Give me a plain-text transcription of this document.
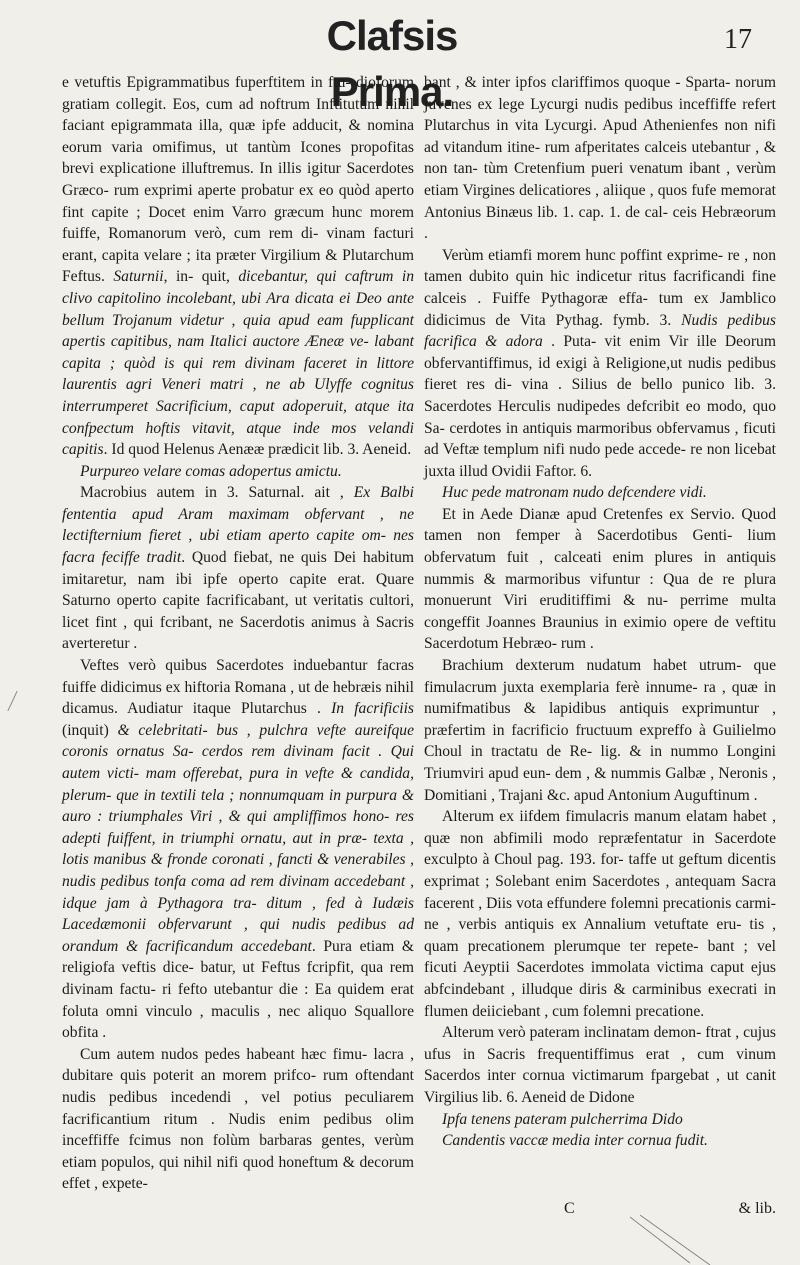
Clafsis Prima.
17

e vetuftis Epigrammatibus fuperftitem in ftu- dioforum gratiam collegit. Eos, cum ad noftrum Inftitutum nihil faciant epigrammata illa, quæ ipfe adducit, & nomina eorum varia omifimus, ut tantùm Icones propofitas brevi explicatione illuftremus. In illis igitur Sacerdotes Græco- rum exprimi aperte probatur ex eo quòd aperto fint capite ; Docet enim Varro græcum hunc morem fuiffe, Romanorum verò, cum rem di- vinam facturi erant, capita velare ; ita præter Virgilium & Plutarchum Feftus. Saturnii, in- quit, dicebantur, qui caftrum in clivo capitolino incolebant, ubi Ara dicata ei Deo ante bellum Trojanum videtur , quia apud eam fupplicant apertis capitibus, nam Italici auctore Æneæ ve- labant capita ; quòd is qui rem divinam faceret in littore laurentis agri Veneri matri , ne ab Ulyffe cognitus interrumperet Sacrificium, caput adoperuit, atque ita confpectum hoftis vitavit, atque inde mos velandi capitis. Id quod Helenus Aenææ prædicit lib. 3. Aeneid.

Purpureo velare comas adopertus amictu.

Macrobius autem in 3. Saturnal. ait , Ex Balbi fententia apud Aram maximam obfervant , ne lectifternium fieret , ubi etiam aperto capite om- nes facra feciffe tradit. Quod fiebat, ne quis Dei habitum imitaretur, nam ibi ipfe operto capite erat. Quare Saturno operto capite facrificabant, ut veritatis cultori, licet fint , qui fcribant, ne Sacerdotis animus à Sacris averteretur .

Veftes verò quibus Sacerdotes induebantur facras fuiffe didicimus ex hiftoria Romana , ut de hebræis nihil dicamus. Audiatur itaque Plutarchus . In facrificiis (inquit) & celebritati- bus , pulchra vefte aureifque coronis ornatus Sa- cerdos rem divinam facit . Qui autem victi- mam offerebat, pura in vefte & candida, plerum- que in textili tela ; nonnumquam in purpura & auro : triumphales Viri , & qui ampliffimos hono- res adepti fuiffent, in triumphi ornatu, aut in præ- texta , lotis manibus & fronde coronati , fancti & venerabiles , nudis pedibus tonfa coma ad rem divinam accedebant , idque jam à Pythagora tra- ditum , fed à Iudæis Lacedæmonii obfervarunt , qui nudis pedibus ad orandum & facrificandum accedebant. Pura etiam & religiofa veftis dice- batur, ut Feftus fcripfit, qua rem divinam factu- ri fefto utebantur die : Ea quidem erat foluta omni vinculo , maculis , nec aliquo Squallore obfita .

Cum autem nudos pedes habeant hæc fimu- lacra , dubitare quis poterit an morem prifco- rum oftendant nudis pedibus incedendi , vel potius peculiarem facrificantium ritum . Nudis enim pedibus olim inceffiffe fcimus non folùm barbaras gentes, verùm etiam populos, qui nihil nifi quod honeftum & decorum effet , expete-

bant , & inter ipfos clariffimos quoque - Sparta- norum juvenes ex lege Lycurgi nudis pedibus inceffiffe refert Plutarchus in vita Lycurgi. Apud Athenienfes non nifi ad vitandum itine- rum afperitates calceis utebantur , & non tan- tùm Cretenfium pueri venatum ibant , verùm etiam Virgines delicatiores , aliique , quos fufe memorat Antonius Binæus lib. 1. cap. 1. de cal- ceis Hebræorum .

Verùm etiamfi morem hunc poffint exprime- re , non tamen dubito quin hic indicetur ritus facrificandi fine calceis . Fuiffe Pythagoræ effa- tum ex Jamblico didicimus de Vita Pythag. fymb. 3. Nudis pedibus facrifica & adora . Puta- vit enim Vir ille Deorum obfervantiffimus, id exigi à Religione,ut nudis pedibus fieret res di- vina . Silius de bello punico lib. 3. Sacerdotes Herculis nudipedes defcribit eo modo, quo Sa- cerdotes in antiquis marmoribus obfervamus , ficuti ad Veftæ templum nifi nudo pede accede- re non licebat juxta illud Ovidii Faftor. 6.

Huc pede matronam nudo defcendere vidi.

Et in Aede Dianæ apud Cretenfes ex Servio. Quod tamen non femper à Sacerdotibus Genti- lium obfervatum fuit , calceati enim plures in antiquis nummis & marmoribus vifuntur : Qua de re plura monuerunt Viri eruditiffimi & nu- perrime multa congeffit Joannes Braunius in eximio opere de veftitu Sacerdotum Hebræo- rum .

Brachium dexterum nudatum habet utrum- que fimulacrum juxta exemplaria ferè innume- ra , quæ in numifmatibus & lapidibus antiquis exprimuntur , præfertim in facrificio fructuum expreffo à Guilielmo Choul in tractatu de Re- lig. & in nummo Longini Triumviri apud eun- dem , & nummis Galbæ , Neronis , Domitiani , Trajani &c. apud Antonium Auguftinum .

Alterum ex iifdem fimulacris manum elatam habet , quæ non abfimili modo repræfentatur in Sacerdote exculpto à Choul pag. 193. for- taffe ut geftum dicentis exprimat ; Solebant enim Sacerdotes , antequam Sacra facerent , Diis vota effundere folemni precationis carmi- ne , verbis antiquis ex Annalium vetuftate eru- tis , quam precationem plerumque ter repete- bant ; vel ficuti Aeyptii Sacerdotes immolata victima caput ejus abfcindebant , illudque diris & carminibus execrati in flumen deiiciebant , cum folemni precatione.

Alterum verò pateram inclinatam demon- ftrat , cujus ufus in Sacris frequentiffimus erat , cum vinum Sacerdos inter cornua victimarum fpargebat , ut canit Virgilius lib. 6. Aeneid de Didone

Ipfa tenens pateram pulcherrima Dido

Candentis vaccæ media inter cornua fudit.

C	& lib.
